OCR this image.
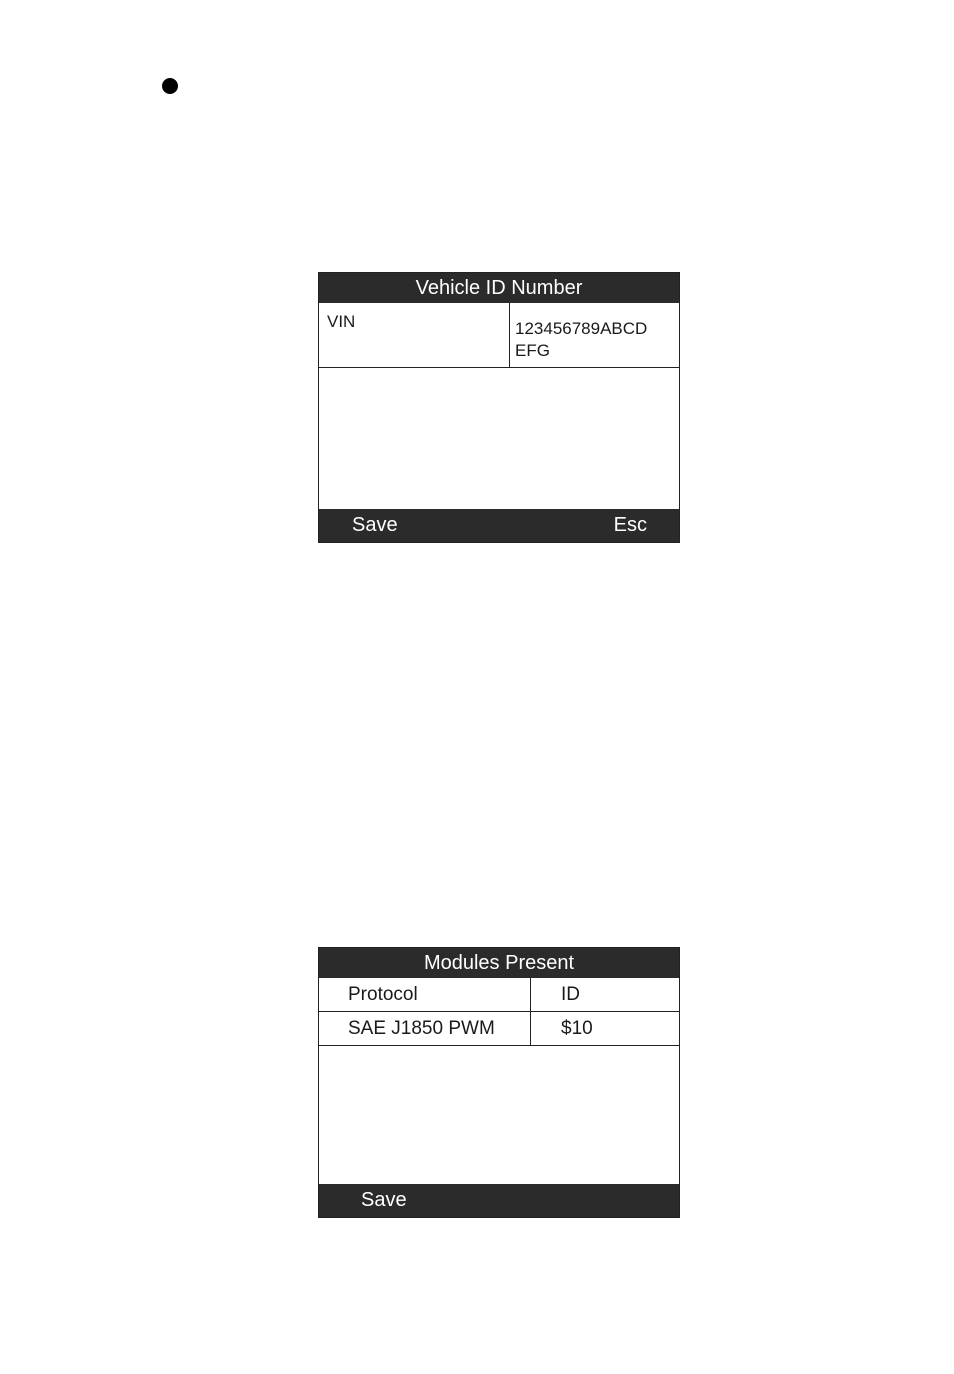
Vehicle ID Number
VIN	123456789ABCD
EFG
Save	Esc
Modules Present
Protocol	ID
SAE J1850 PWM	$10
Save
